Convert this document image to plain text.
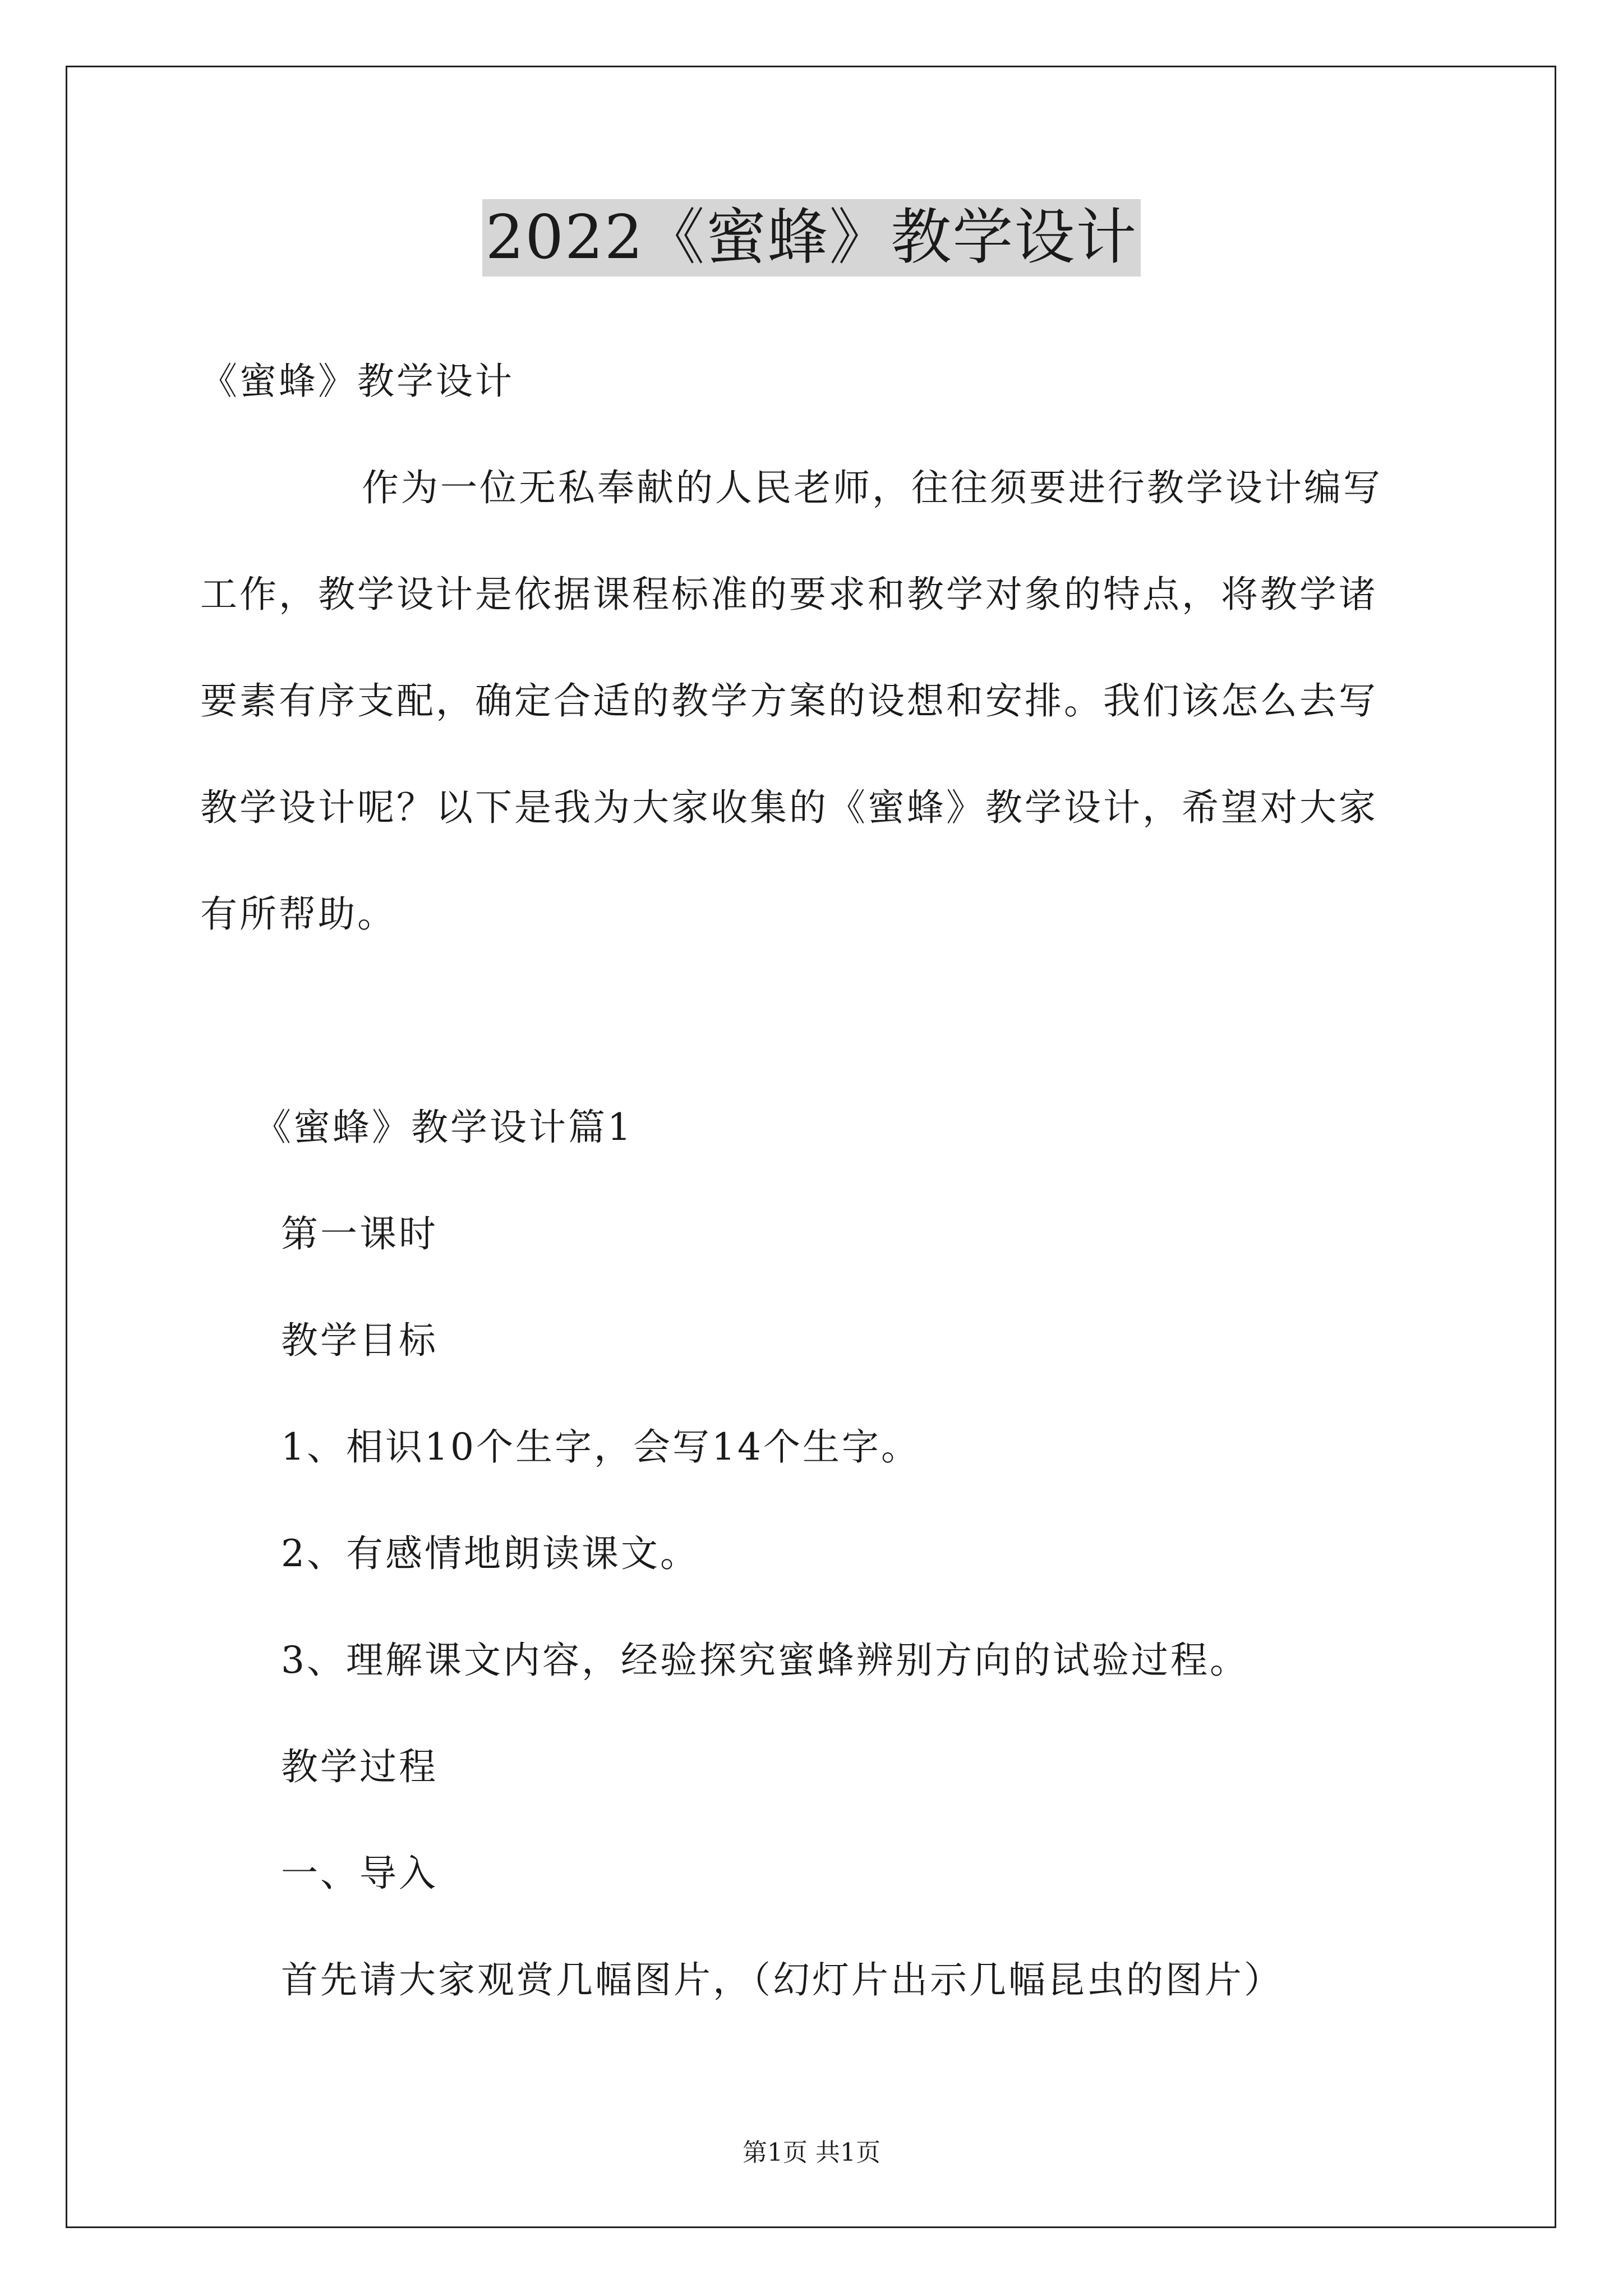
2022《蜜蜂》教学设计
《蜜蜂》教学设计
作为一位无私奉献的人民老师，往往须要进行教学设计编写
工作，教学设计是依据课程标准的要求和教学对象的特点，将教学诸
要素有序支配，确定合适的教学方案的设想和安排。我们该怎么去写
教学设计呢？以下是我为大家收集的《蜜蜂》教学设计，希望对大家
有所帮助。
《蜜蜂》教学设计篇1
第一课时
教学目标
1、相识10个生字，会写14个生字。
2、有感情地朗读课文。
3、理解课文内容，经验探究蜜蜂辨别方向的试验过程。
教学过程
一、导入
首先请大家观赏几幅图片，（幻灯片出示几幅昆虫的图片）
第1页 共1页
